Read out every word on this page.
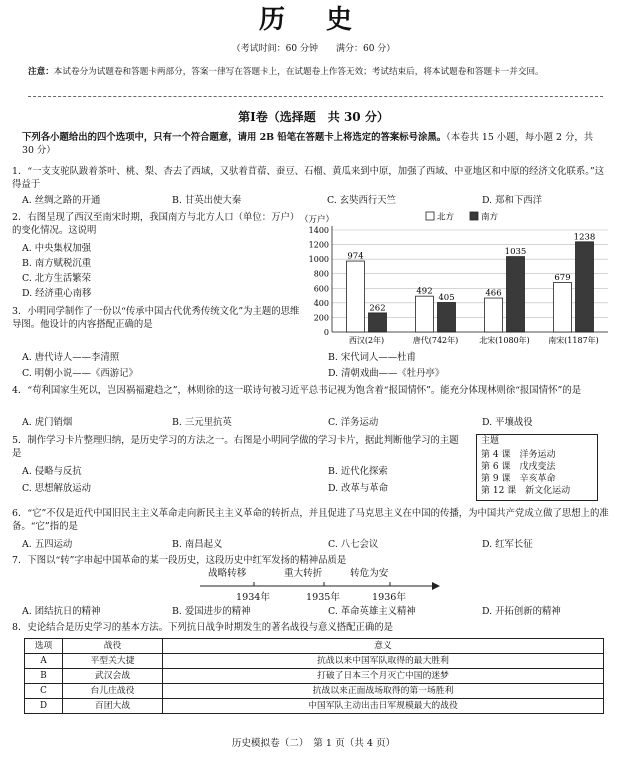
历 史
（考试时间：60 分钟　　满分：60 分）
注意：本试卷分为试题卷和答题卡两部分，答案一律写在答题卡上，在试题卷上作答无效；考试结束后，将本试题卷和答题卡一并交回。
第Ⅰ卷（选择题　共 30 分）
下列各小题给出的四个选项中，只有一个符合题意，请用 2B 铅笔在答题卡上将选定的答案标号涂黑。（本卷共 15 小题，每小题 2 分，共 30 分）
1．“一支支驼队跋着茶叶、桃、梨、杏去了西域，又驮着苜蓿、蚕豆、石榴、黄瓜来到中原，加强了西域、中亚地区和中原的经济文化联系。”这得益于
A. 丝绸之路的开通	B. 甘英出使大秦	C. 玄奘西行天竺	D. 郑和下西洋
2．右图呈现了西汉至南宋时期，我国南方与北方人口（单位：万户）的变化情况。这说明
A. 中央集权加强
B. 南方赋税沉重
C. 北方生活繁荣
D. 经济重心南移
（万户）
0
200
400
600
800
1000
1200
1400
北方	南方
974
262
西汉(2年)
492
405
唐代(742年)
466
1035
北宋(1080年)
679
1238
南宋(1187年)
3．小明同学制作了一份以“传承中国古代优秀传统文化”为主题的思维导图。他设计的内容搭配正确的是
A. 唐代诗人——李清照	B. 宋代词人——杜甫
C. 明朝小说——《西游记》	D. 清朝戏曲——《牡丹亭》
4．“苟利国家生死以，岂因祸福避趋之”，林则徐的这一联诗句被习近平总书记视为饱含着“报国情怀”。能充分体现林则徐“报国情怀”的是
A. 虎门销烟	B. 三元里抗英	C. 洋务运动	D. 平壤战役
5．制作学习卡片整理归纳，是历史学习的方法之一。右图是小明同学做的学习卡片，据此判断他学习的主题是
A. 侵略与反抗	B. 近代化探索
C. 思想解放运动	D. 改革与革命
主题
第 4 课　洋务运动
第 6 课　戊戌变法
第 9 课　辛亥革命
第 12 课　新文化运动
6．“它”不仅是近代中国旧民主主义革命走向新民主主义革命的转折点，并且促进了马克思主义在中国的传播，为中国共产党成立做了思想上的准备。“它”指的是
A. 五四运动	B. 南昌起义	C. 八七会议	D. 红军长征
7．下图以“转”字串起中国革命的某一段历史，这段历史中红军发扬的精神品质是
战略转移	重大转折	转危为安
1934年	1935年	1936年
A. 团结抗日的精神	B. 爱国进步的精神	C. 革命英雄主义精神	D. 开拓创新的精神
8．史论结合是历史学习的基本方法。下列抗日战争时期发生的著名战役与意义搭配正确的是
选项	战役	意义
A	平型关大捷	抗战以来中国军队取得的最大胜利
B	武汉会战	打破了日本三个月灭亡中国的迷梦
C	台儿庄战役	抗战以来正面战场取得的第一场胜利
D	百团大战	中国军队主动出击日军规模最大的战役
历史模拟卷（二）　第 1 页（共 4 页）
